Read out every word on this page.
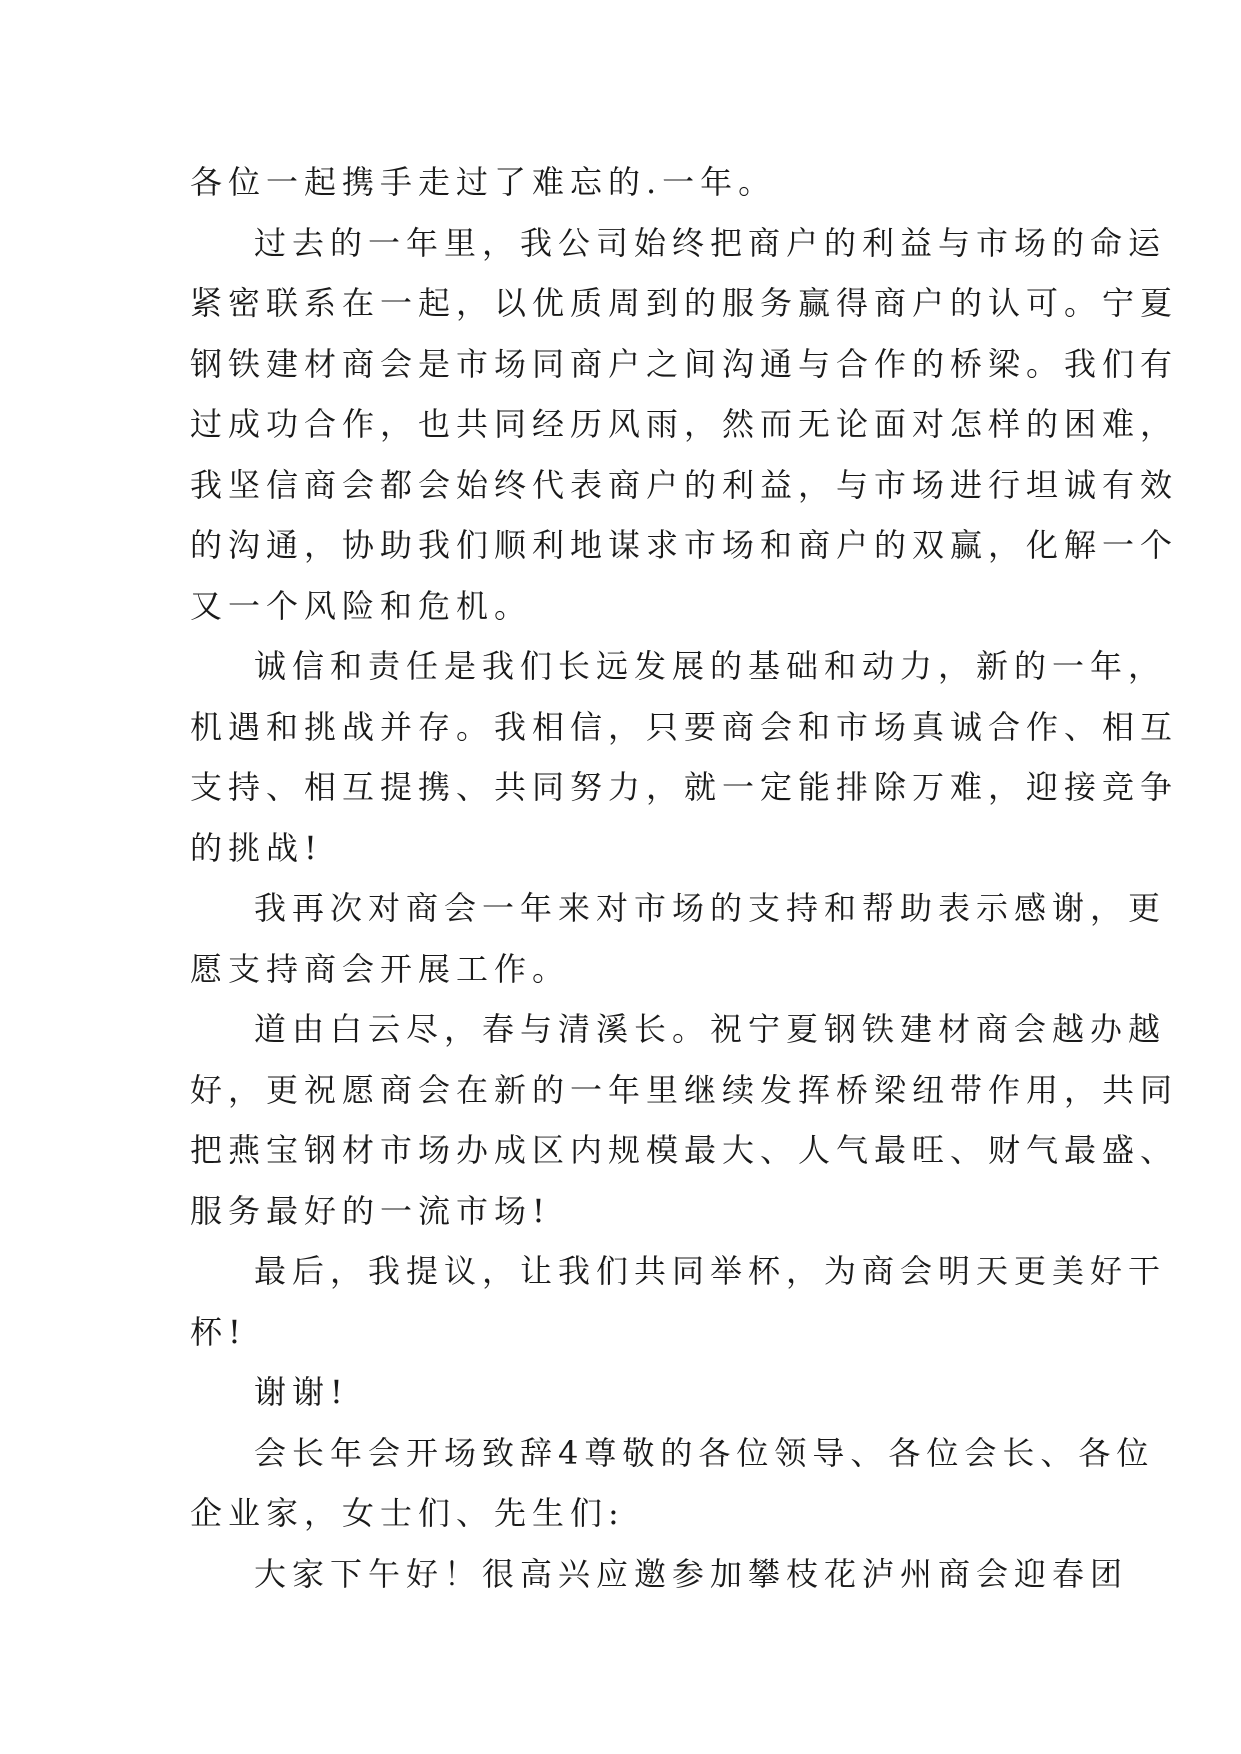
各位一起携手走过了难忘的.一年。

过去的一年里，我公司始终把商户的利益与市场的命运

紧密联系在一起，以优质周到的服务赢得商户的认可。宁夏

钢铁建材商会是市场同商户之间沟通与合作的桥梁。我们有

过成功合作，也共同经历风雨，然而无论面对怎样的困难，

我坚信商会都会始终代表商户的利益，与市场进行坦诚有效

的沟通，协助我们顺利地谋求市场和商户的双赢，化解一个

又一个风险和危机。

诚信和责任是我们长远发展的基础和动力，新的一年，

机遇和挑战并存。我相信，只要商会和市场真诚合作、相互

支持、相互提携、共同努力，就一定能排除万难，迎接竞争

的挑战!

我再次对商会一年来对市场的支持和帮助表示感谢，更

愿支持商会开展工作。

道由白云尽，春与清溪长。祝宁夏钢铁建材商会越办越

好，更祝愿商会在新的一年里继续发挥桥梁纽带作用，共同

把燕宝钢材市场办成区内规模最大、人气最旺、财气最盛、

服务最好的一流市场!

最后，我提议，让我们共同举杯，为商会明天更美好干

杯!

谢谢!

会长年会开场致辞4尊敬的各位领导、各位会长、各位

企业家，女士们、先生们:

大家下午好！很高兴应邀参加攀枝花泸州商会迎春团
